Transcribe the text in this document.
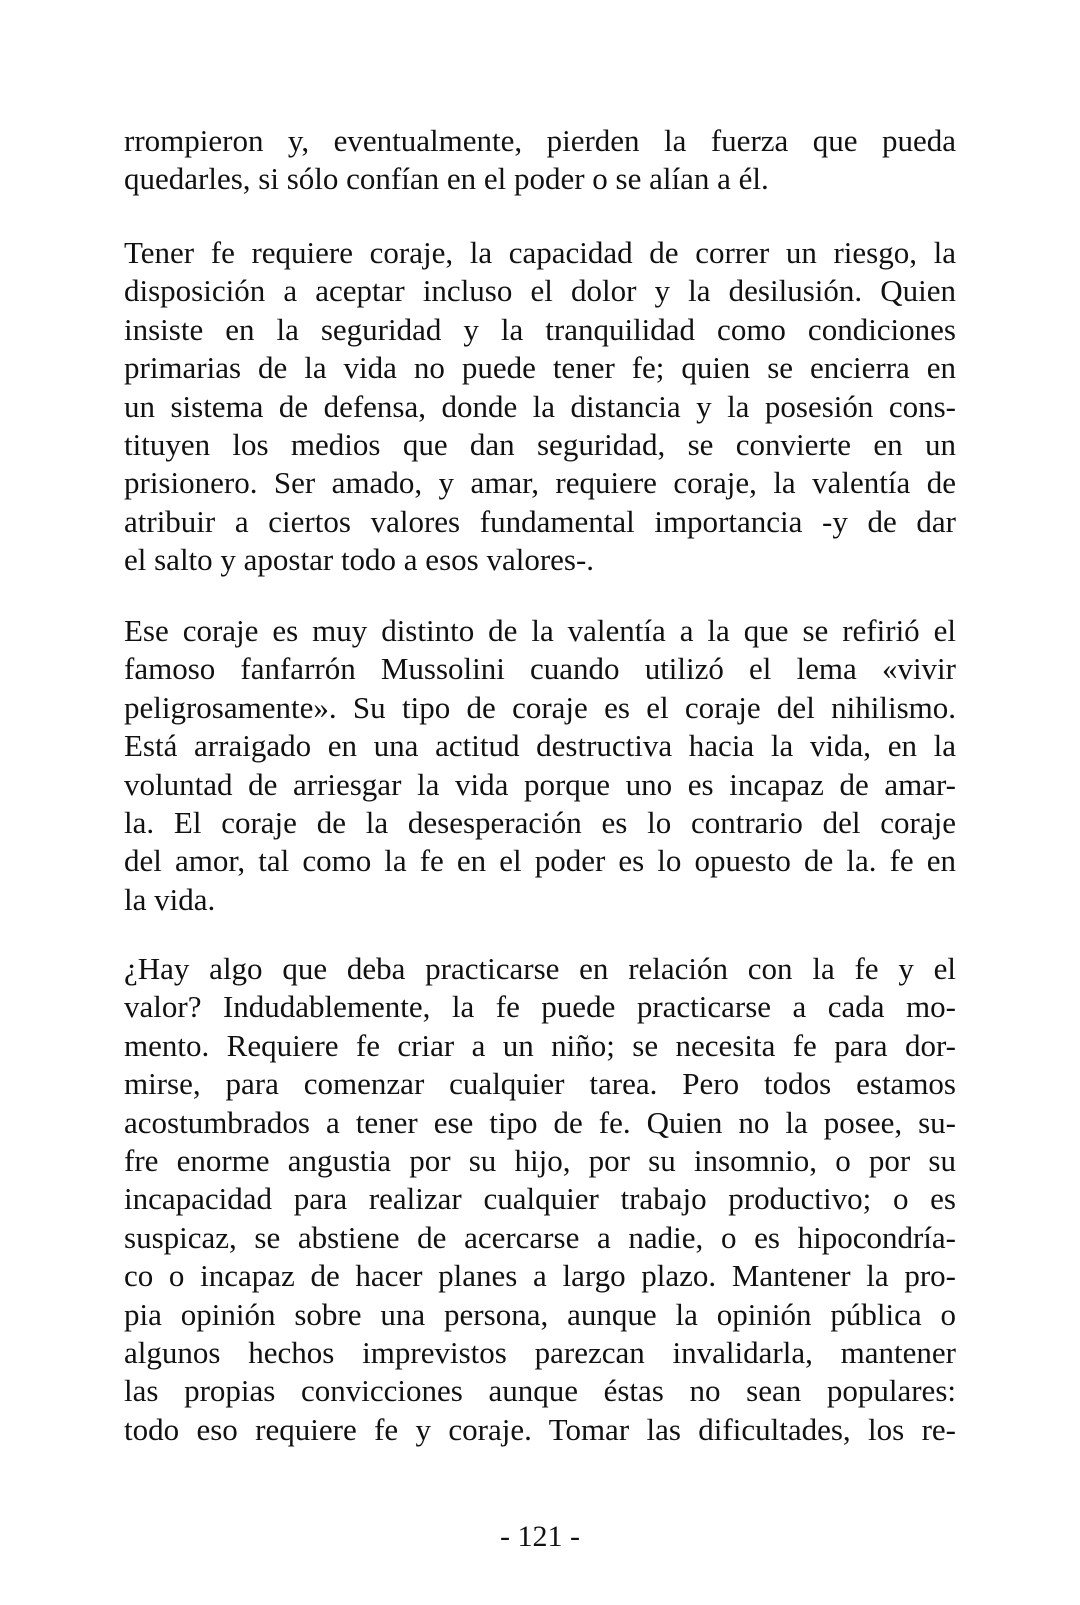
rrompieron y, eventualmente, pierden la fuerza que pueda
quedarles, si sólo confían en el poder o se alían a él.
Tener fe requiere coraje, la capacidad de correr un riesgo, la
disposición a aceptar incluso el dolor y la desilusión. Quien
insiste en la seguridad y la tranquilidad como condiciones
primarias de la vida no puede tener fe; quien se encierra en
un sistema de defensa, donde la distancia y la posesión cons-
tituyen los medios que dan seguridad, se convierte en un
prisionero. Ser amado, y amar, requiere coraje, la valentía de
atribuir a ciertos valores fundamental importancia -y de dar
el salto y apostar todo a esos valores-.
Ese coraje es muy distinto de la valentía a la que se refirió el
famoso fanfarrón Mussolini cuando utilizó el lema «vivir
peligrosamente». Su tipo de coraje es el coraje del nihilismo.
Está arraigado en una actitud destructiva hacia la vida, en la
voluntad de arriesgar la vida porque uno es incapaz de amar-
la. El coraje de la desesperación es lo contrario del coraje
del amor, tal como la fe en el poder es lo opuesto de la. fe en
la vida.
¿Hay algo que deba practicarse en relación con la fe y el
valor? Indudablemente, la fe puede practicarse a cada mo-
mento. Requiere fe criar a un niño; se necesita fe para dor-
mirse, para comenzar cualquier tarea. Pero todos estamos
acostumbrados a tener ese tipo de fe. Quien no la posee, su-
fre enorme angustia por su hijo, por su insomnio, o por su
incapacidad para realizar cualquier trabajo productivo; o es
suspicaz, se abstiene de acercarse a nadie, o es hipocondría-
co o incapaz de hacer planes a largo plazo. Mantener la pro-
pia opinión sobre una persona, aunque la opinión pública o
algunos hechos imprevistos parezcan invalidarla, mantener
las propias convicciones aunque éstas no sean populares:
todo eso requiere fe y coraje. Tomar las dificultades, los re-
- 121 -
